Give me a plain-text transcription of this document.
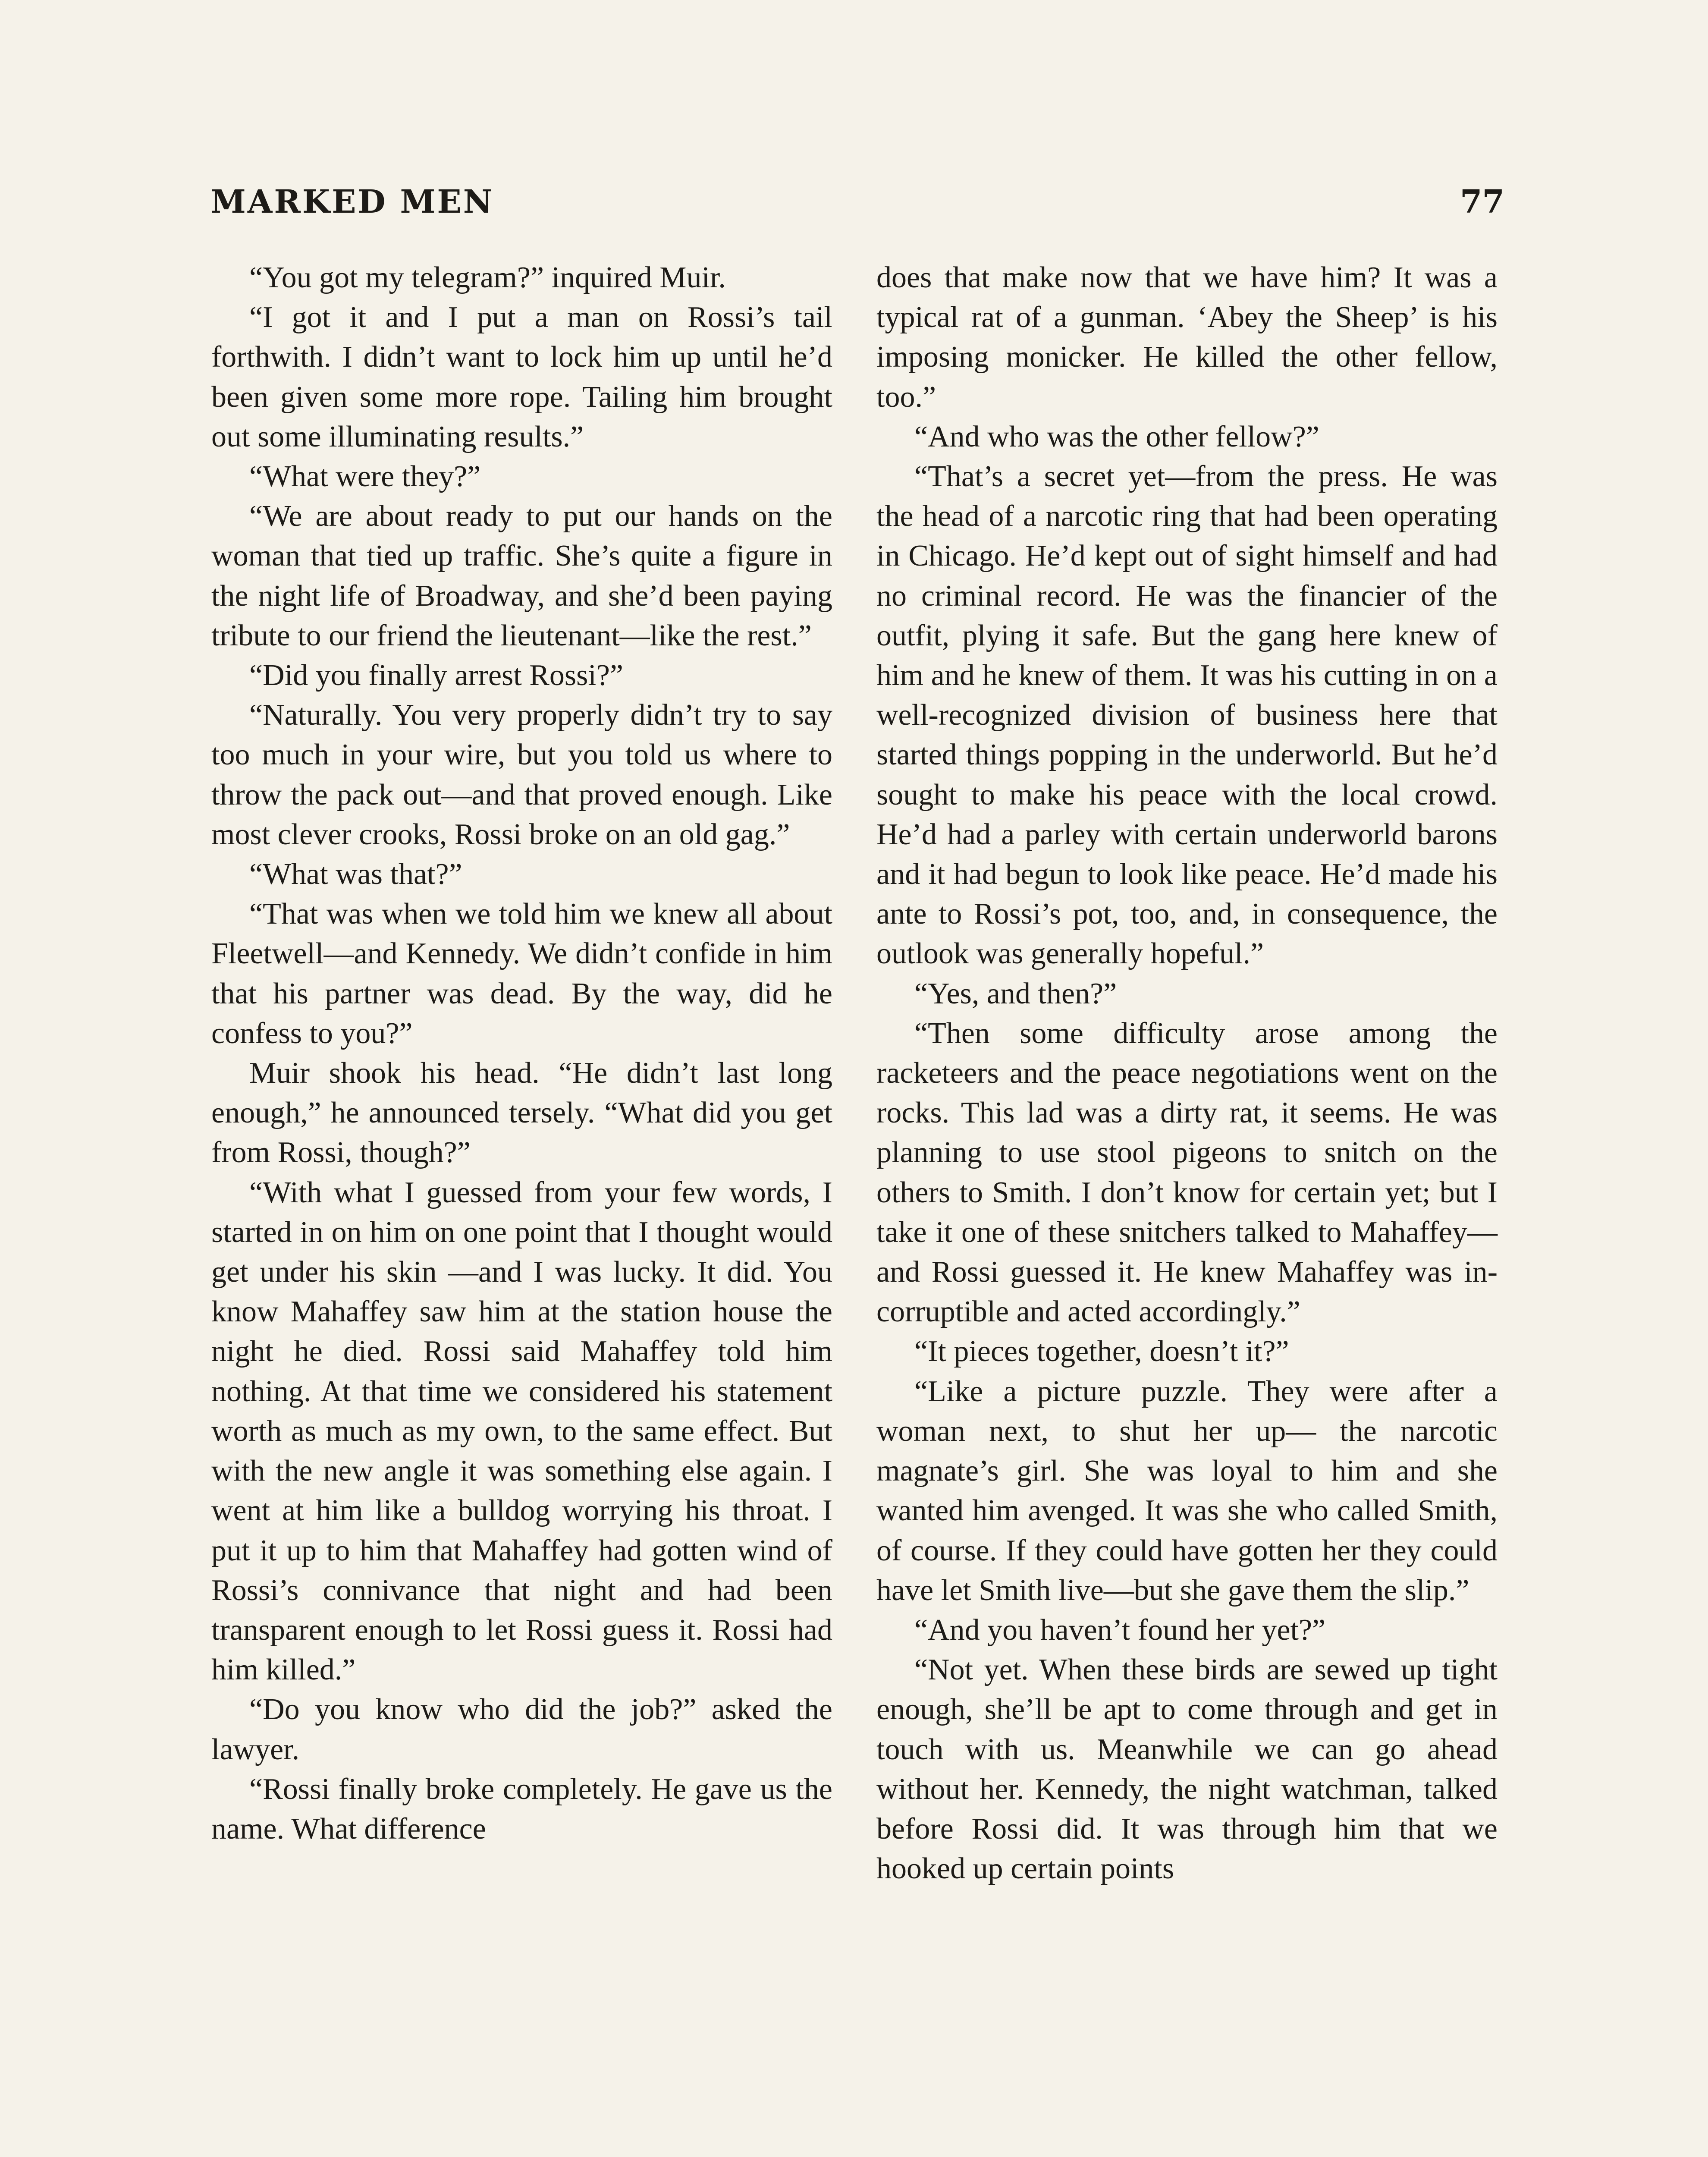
MARKED MEN	77

“You got my telegram?” inquired Muir.

“I got it and I put a man on Rossi’s tail forthwith. I didn’t want to lock him up until he’d been given some more rope. Tailing him brought out some illuminating results.”

“What were they?”

“We are about ready to put our hands on the woman that tied up traffic. She’s quite a figure in the night life of Broadway, and she’d been paying tribute to our friend the lieutenant—like the rest.”

“Did you finally arrest Rossi?”

“Naturally. You very properly didn’t try to say too much in your wire, but you told us where to throw the pack out—and that proved enough. Like most clever crooks, Rossi broke on an old gag.”

“What was that?”

“That was when we told him we knew all about Fleetwell—and Kennedy. We didn’t confide in him that his partner was dead. By the way, did he confess to you?”

Muir shook his head. “He didn’t last long enough,” he announced tersely. “What did you get from Rossi, though?”

“With what I guessed from your few words, I started in on him on one point that I thought would get under his skin —and I was lucky. It did. You know Mahaffey saw him at the station house the night he died. Rossi said Mahaffey told him nothing. At that time we considered his statement worth as much as my own, to the same effect. But with the new angle it was something else again. I went at him like a bulldog worrying his throat. I put it up to him that Mahaffey had gotten wind of Rossi’s connivance that night and had been transparent enough to let Rossi guess it. Rossi had him killed.”

“Do you know who did the job?” asked the lawyer.

“Rossi finally broke completely. He gave us the name. What difference

does that make now that we have him? It was a typical rat of a gunman. ‘Abey the Sheep’ is his imposing monicker. He killed the other fellow, too.”

“And who was the other fellow?”

“That’s a secret yet—from the press. He was the head of a narcotic ring that had been operating in Chicago. He’d kept out of sight himself and had no criminal record. He was the financier of the outfit, plying it safe. But the gang here knew of him and he knew of them. It was his cutting in on a well-recognized division of business here that started things popping in the underworld. But he’d sought to make his peace with the local crowd. He’d had a parley with certain underworld barons and it had begun to look like peace. He’d made his ante to Rossi’s pot, too, and, in consequence, the outlook was generally hopeful.”

“Yes, and then?”

“Then some difficulty arose among the racketeers and the peace negotiations went on the rocks. This lad was a dirty rat, it seems. He was planning to use stool pigeons to snitch on the others to Smith. I don’t know for certain yet; but I take it one of these snitchers talked to Mahaffey—and Rossi guessed it. He knew Mahaffey was incorruptible and acted accordingly.”

“It pieces together, doesn’t it?”

“Like a picture puzzle. They were after a woman next, to shut her up— the narcotic magnate’s girl. She was loyal to him and she wanted him avenged. It was she who called Smith, of course. If they could have gotten her they could have let Smith live—but she gave them the slip.”

“And you haven’t found her yet?”

“Not yet. When these birds are sewed up tight enough, she’ll be apt to come through and get in touch with us. Meanwhile we can go ahead without her. Kennedy, the night watchman, talked before Rossi did. It was through him that we hooked up certain points
